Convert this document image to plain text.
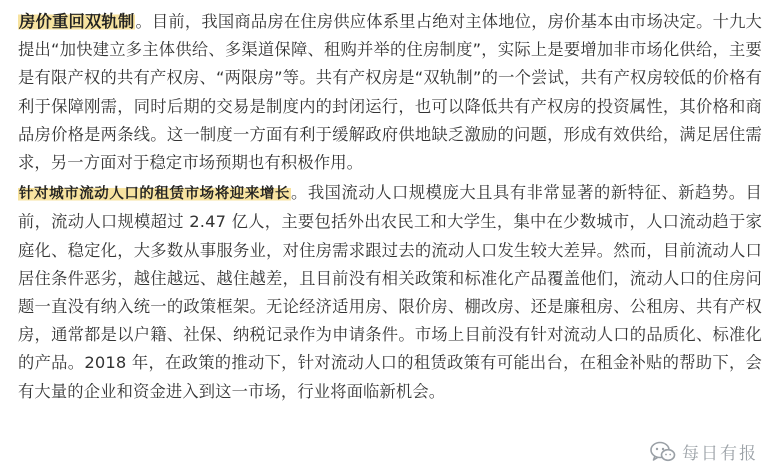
房价重回双轨制。目前，我国商品房在住房供应体系里占绝对主体地位，房价基本由市场决定。十九大提出“加快建立多主体供给、多渠道保障、租购并举的住房制度”，实际上是要增加非市场化供给，主要是有限产权的共有产权房、“两限房”等。共有产权房是“双轨制”的一个尝试，共有产权房较低的价格有利于保障刚需，同时后期的交易是制度内的封闭运行，也可以降低共有产权房的投资属性，其价格和商品房价格是两条线。这一制度一方面有利于缓解政府供地缺乏激励的问题，形成有效供给，满足居住需求，另一方面对于稳定市场预期也有积极作用。

针对城市流动人口的租赁市场将迎来增长。我国流动人口规模庞大且具有非常显著的新特征、新趋势。目前，流动人口规模超过 2.47 亿人，主要包括外出农民工和大学生，集中在少数城市，人口流动趋于家庭化、稳定化，大多数从事服务业，对住房需求跟过去的流动人口发生较大差异。然而，目前流动人口居住条件恶劣，越住越远、越住越差，且目前没有相关政策和标准化产品覆盖他们，流动人口的住房问题一直没有纳入统一的政策框架。无论经济适用房、限价房、棚改房、还是廉租房、公租房、共有产权房，通常都是以户籍、社保、纳税记录作为申请条件。市场上目前没有针对流动人口的品质化、标准化的产品。2018 年，在政策的推动下，针对流动人口的租赁政策有可能出台，在租金补贴的帮助下，会有大量的企业和资金进入到这一市场，行业将面临新机会。

每日有报
